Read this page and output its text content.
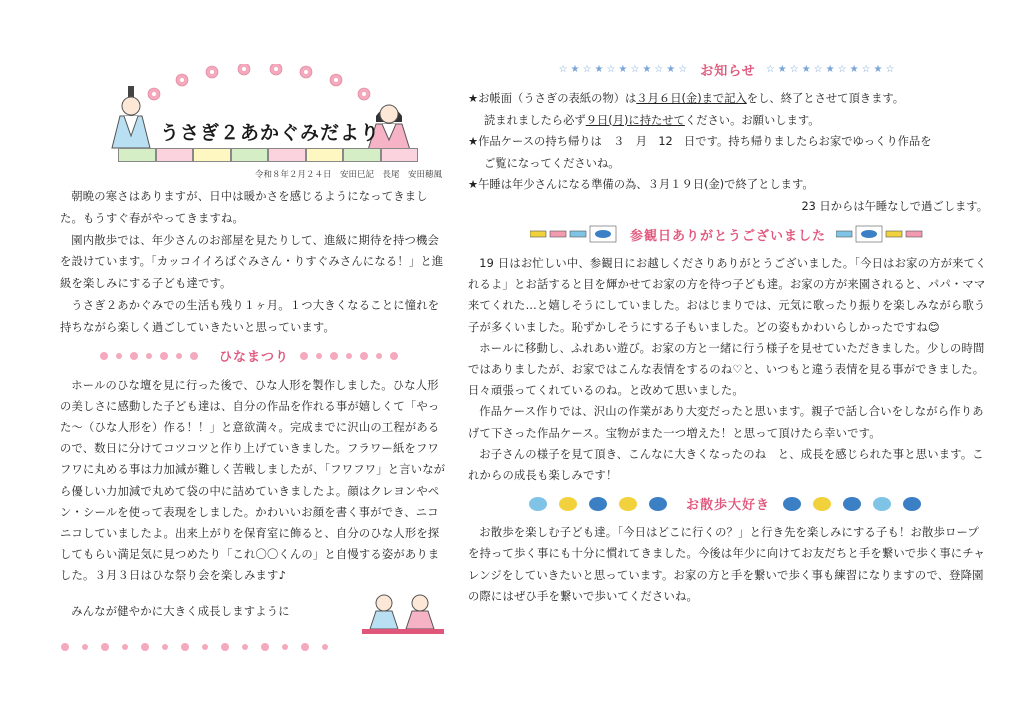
うさぎ２あかぐみだより
令和８年２月２４日　安田巳記　長尾　安田穂風

朝晩の寒さはありますが、日中は暖かさを感じるようになってきました。もうすぐ春がやってきますね。

園内散歩では、年少さんのお部屋を見たりして、進級に期待を持つ機会を設けています。「カッコイイろばぐみさん・りすぐみさんになる！」と進級を楽しみにする子ども達です。

うさぎ２あかぐみでの生活も残り１ヶ月。１つ大きくなることに憧れを持ちながら楽しく過ごしていきたいと思っています。

ひなまつり

ホールのひな壇を見に行った後で、ひな人形を製作しました。ひな人形の美しさに感動した子ども達は、自分の作品を作れる事が嬉しくて「やった～（ひな人形を）作る！！」と意欲満々。完成までに沢山の工程があるので、数日に分けてコツコツと作り上げていきました。フラワー紙をフワフワに丸める事は力加減が難しく苦戦しましたが、「フワフワ」と言いながら優しい力加減で丸めて袋の中に詰めていきましたよ。顔はクレヨンやペン・シールを使って表現をしました。かわいいお顔を書く事ができ、ニコニコしていましたよ。出来上がりを保育室に飾ると、自分のひな人形を探してもらい満足気に見つめたり「これ〇〇くんの」と自慢する姿がありました。３月３日はひな祭り会を楽しみます♪

みんなが健やかに大きく成長しますように

☆★☆★☆★☆★☆★☆ お知らせ ☆★☆★☆★☆★☆★☆

★お帳面（うさぎの表紙の物）は３月６日(金)まで記入をし、終了とさせて頂きます。

読まれましたら必ず９日(月)に持たせてください。お願いします。

★作品ケースの持ち帰りは　３　月　12　日です。持ち帰りましたらお家でゆっくり作品を

ご覧になってくださいね。

★午睡は年少さんになる準備の為、３月１９日(金)で終了とします。

23 日からは午睡なしで過ごします。

参観日ありがとうございました

19 日はお忙しい中、参観日にお越しくださりありがとうございました。「今日はお家の方が来てくれるよ」とお話すると目を輝かせてお家の方を待つ子ども達。お家の方が来園されると、パパ・ママ来てくれた…と嬉しそうにしていました。おはじまりでは、元気に歌ったり振りを楽しみながら歌う子が多くいました。恥ずかしそうにする子もいました。どの姿もかわいらしかったですね😊

ホールに移動し、ふれあい遊び。お家の方と一緒に行う様子を見せていただきました。少しの時間ではありましたが、お家ではこんな表情をするのね♡と、いつもと違う表情を見る事ができました。日々頑張ってくれているのね。と改めて思いました。

作品ケース作りでは、沢山の作業があり大変だったと思います。親子で話し合いをしながら作りあげて下さった作品ケース。宝物がまた一つ増えた！と思って頂けたら幸いです。

お子さんの様子を見て頂き、こんなに大きくなったのね　と、成長を感じられた事と思います。これからの成長も楽しみです！

お散歩大好き

お散歩を楽しむ子ども達。「今日はどこに行くの？」と行き先を楽しみにする子も！お散歩ロープを持って歩く事にも十分に慣れてきました。今後は年少に向けてお友だちと手を繋いで歩く事にチャレンジをしていきたいと思っています。お家の方と手を繋いで歩く事も練習になりますので、登降園の際にはぜひ手を繋いで歩いてくださいね。
